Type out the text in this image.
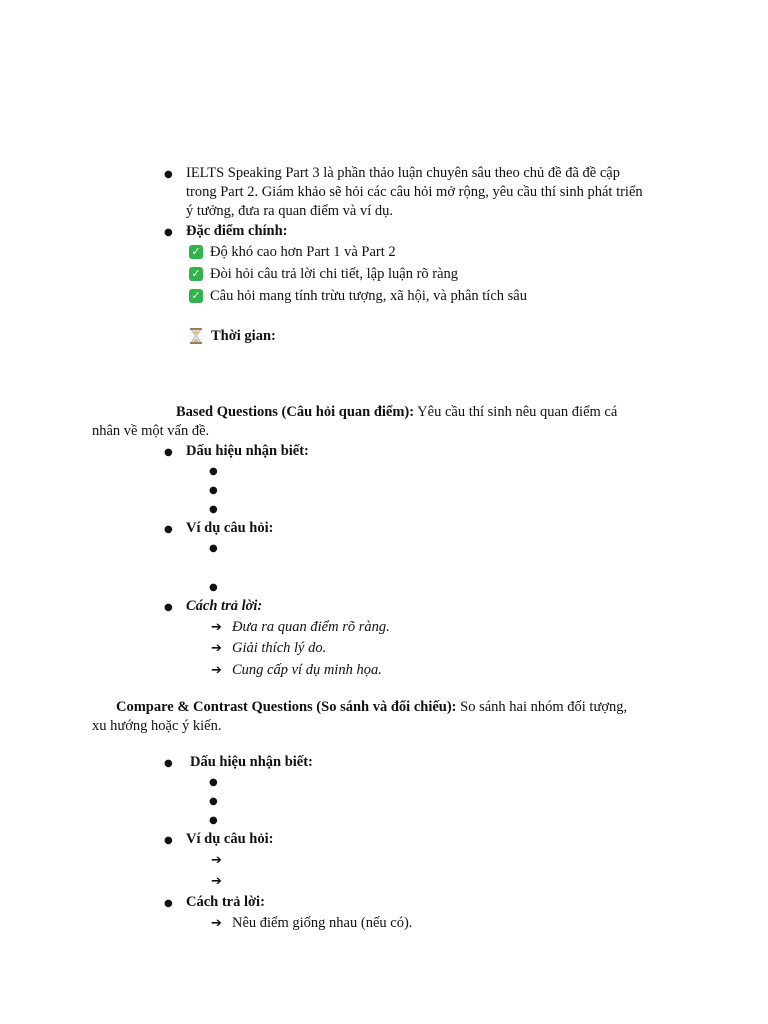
● IELTS Speaking Part 3 là phần thảo luận chuyên sâu theo chủ đề đã đề cập
trong Part 2. Giám khảo sẽ hỏi các câu hỏi mở rộng, yêu cầu thí sinh phát triển
ý tưởng, đưa ra quan điểm và ví dụ.
● Đặc điểm chính:
✓ Độ khó cao hơn Part 1 và Part 2
✓ Đòi hỏi câu trả lời chi tiết, lập luận rõ ràng
✓ Câu hỏi mang tính trừu tượng, xã hội, và phân tích sâu
Thời gian:
Based Questions (Câu hỏi quan điểm): Yêu cầu thí sinh nêu quan điểm cá
nhân về một vấn đề.
● Dấu hiệu nhận biết:
●
●
●
● Ví dụ câu hỏi:
●
●
● Cách trả lời:
➔ Đưa ra quan điểm rõ ràng.
➔ Giải thích lý do.
➔ Cung cấp ví dụ minh họa.
Compare & Contrast Questions (So sánh và đối chiếu): So sánh hai nhóm đối tượng,
xu hướng hoặc ý kiến.
● Dấu hiệu nhận biết:
●
●
●
● Ví dụ câu hỏi:
➔
➔
● Cách trả lời:
➔ Nêu điểm giống nhau (nếu có).
